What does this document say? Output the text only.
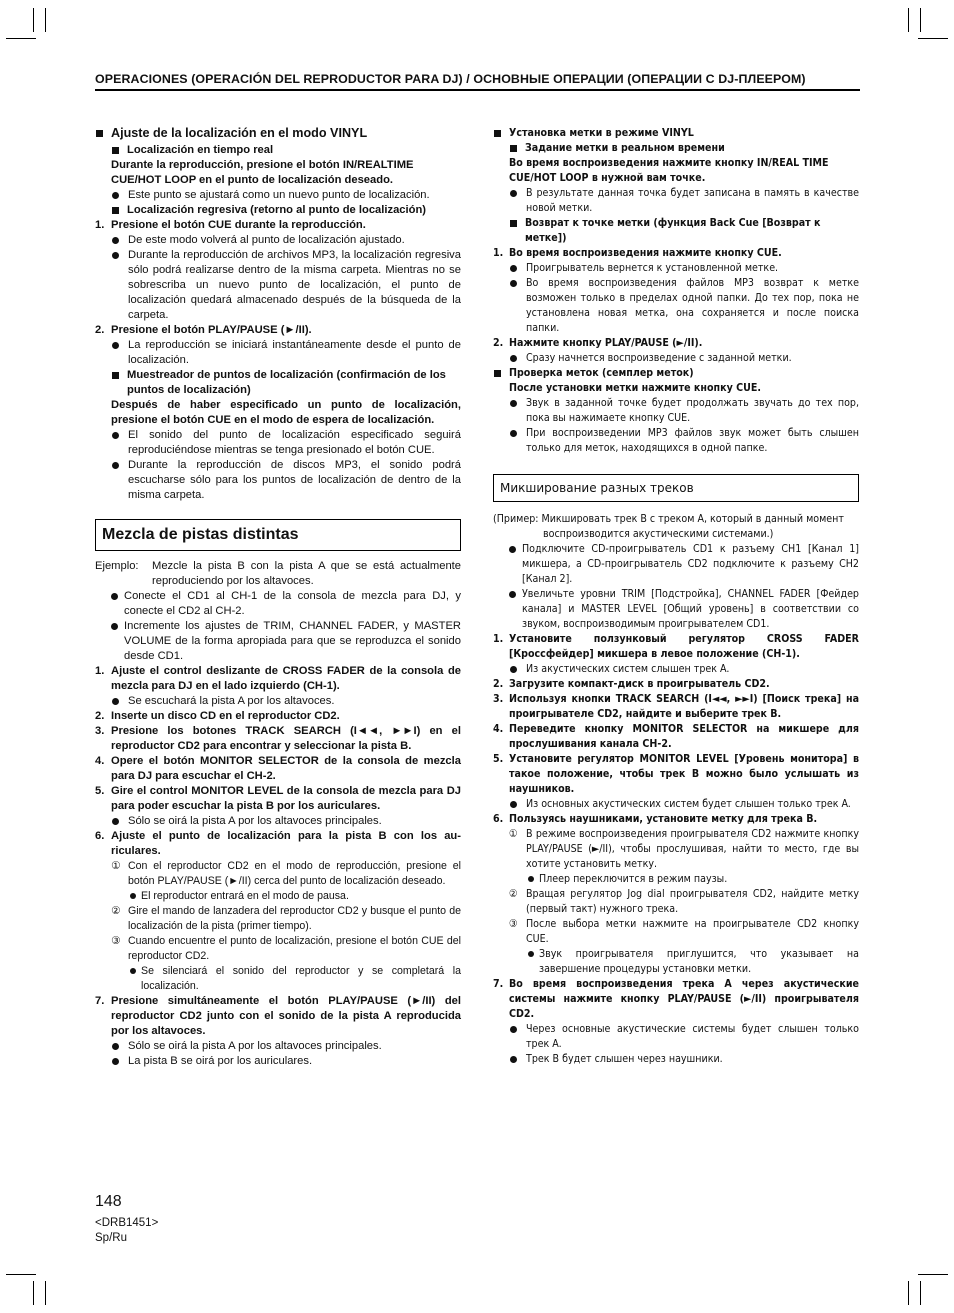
OPERACIONES (OPERACIÓN DEL REPRODUCTOR PARA DJ) / ОСНОВНЫЕ ОПЕРАЦИИ (ОПЕРАЦИИ С DJ-ПЛЕЕРОМ)
Ajuste de la localización en el modo VINYL
Localización en tiempo real
Durante la reproducción, presione el botón IN/REALTIME CUE/HOT LOOP en el punto de localización deseado.
Este punto se ajustará como un nuevo punto de localización.
Localización regresiva (retorno al punto de localización)
1. Presione el botón CUE durante la reproducción.
De este modo volverá al punto de localización ajustado.
Durante la reproducción de archivos MP3, la localización regresiva sólo podrá realizarse dentro de la misma carpeta. Mientras no se sobrescriba un nuevo punto de localización, el punto de localización quedará almacenado después de la búsqueda de la carpeta.
2. Presione el botón PLAY/PAUSE (►/II).
La reproducción se iniciará instantáneamente desde el punto de localización.
Muestreador de puntos de localización (confirmación de los puntos de localización)
Después de haber especificado un punto de localización, presione el botón CUE en el modo de espera de localización.
El sonido del punto de localización especificado seguirá reproduciéndose mientras se tenga presionado el botón CUE.
Durante la reproducción de discos MP3, el sonido podrá escucharse sólo para los puntos de localización de dentro de la misma carpeta.
Mezcla de pistas distintas
Ejemplo:	Mezcle la pista B con la pista A que se está actualmente reproduciendo por los altavoces.
Conecte el CD1 al CH-1 de la consola de mezcla para DJ, y conecte el CD2 al CH-2.
Incremente los ajustes de TRIM, CHANNEL FADER, y MASTER VOLUME de la forma apropiada para que se reproduzca el sonido desde CD1.
1. Ajuste el control deslizante de CROSS FADER de la consola de mezcla para DJ en el lado izquierdo (CH-1).
Se escuchará la pista A por los altavoces.
2. Inserte un disco CD en el reproductor CD2.
3. Presione los botones TRACK SEARCH (I◄◄, ►►I) en el reproductor CD2 para encontrar y seleccionar la pista B.
4. Opere el botón MONITOR SELECTOR de la consola de mezcla para DJ para escuchar el CH-2.
5. Gire el control MONITOR LEVEL de la consola de mezcla para DJ para poder escuchar la pista B por los auriculares.
Sólo se oirá la pista A por los altavoces principales.
6. Ajuste el punto de localización para la pista B con los au-riculares.
① Con el reproductor CD2 en el modo de reproducción, presione el botón PLAY/PAUSE (►/II) cerca del punto de localización deseado.
El reproductor entrará en el modo de pausa.
② Gire el mando de lanzadera del reproductor CD2 y busque el punto de localización de la pista (primer tiempo).
③ Cuando encuentre el punto de localización, presione el botón CUE del reproductor CD2.
Se silenciará el sonido del reproductor y se completará la localización.
7. Presione simultáneamente el botón PLAY/PAUSE (►/II) del reproductor CD2 junto con el sonido de la pista A reproducida por los altavoces.
Sólo se oirá la pista A por los altavoces principales.
La pista B se oirá por los auriculares.
Установка метки в режиме VINYL
Задание метки в реальном времени
Во время воспроизведения нажмите кнопку IN/REAL TIME CUE/HOT LOOP в нужной вам точке.
В результате данная точка будет записана в память в качестве новой метки.
Возврат к точке метки (функция Back Cue [Возврат к метке])
1. Во время воспроизведения нажмите кнопку CUE.
Проигрыватель вернется к установленной метке.
Во время воспроизведения файлов MP3 возврат к метке возможен только в пределах одной папки. До тех пор, пока не установлена новая метка, она сохраняется и после поиска папки.
2. Нажмите кнопку PLAY/PAUSE (►/II).
Сразу начнется воспроизведение с заданной метки.
Проверка меток (семплер меток)
После установки метки нажмите кнопку CUE.
Звук в заданной точке будет продолжать звучать до тех пор, пока вы нажимаете кнопку CUE.
При воспроизведении MP3 файлов звук может быть слышен только для меток, находящихся в одной папке.
Микширование разных треков
(Пример: Микшировать трек B с треком A, который в данный момент воспроизводится акустическими системами.)
Подключите CD-проигрыватель CD1 к разъему CH1 [Канал 1] микшера, а CD-проигрыватель CD2 подключите к разъему CH2 [Канал 2].
Увеличьте уровни TRIM [Подстройка], CHANNEL FADER [Фейдер канала] и MASTER LEVEL [Общий уровень] в соответствии со звуком, воспроизводимым проигрывателем CD1.
1. Установите ползунковый регулятор CROSS FADER [Кроссфейдер] микшера в левое положение (CH-1).
Из акустических систем слышен трек A.
2. Загрузите компакт-диск в проигрыватель CD2.
3. Используя кнопки TRACK SEARCH (I◄◄, ►►I) [Поиск трека] на проигрывателе CD2, найдите и выберите трек B.
4. Переведите кнопку MONITOR SELECTOR на микшере для прослушивания канала CH-2.
5. Установите регулятор MONITOR LEVEL [Уровень монитора] в такое положение, чтобы трек B можно было услышать из наушников.
Из основных акустических систем будет слышен только трек A.
6. Пользуясь наушниками, установите метку для трека B.
① В режиме воспроизведения проигрывателя CD2 нажмите кнопку PLAY/PAUSE (►/II), чтобы прослушивая, найти то место, где вы хотите установить метку.
Плеер переключится в режим паузы.
② Вращая регулятор Jog dial проигрывателя CD2, найдите метку (первый такт) нужного трека.
③ После выбора метки нажмите на проигрывателе CD2 кнопку CUE.
Звук проигрывателя приглушится, что указывает на завершение процедуры установки метки.
7. Во время воспроизведения трека A через акустические системы нажмите кнопку PLAY/PAUSE (►/II) проигрывателя CD2.
Через основные акустические системы будет слышен только трек A.
Трек B будет слышен через наушники.
148
<DRB1451>
Sp/Ru
